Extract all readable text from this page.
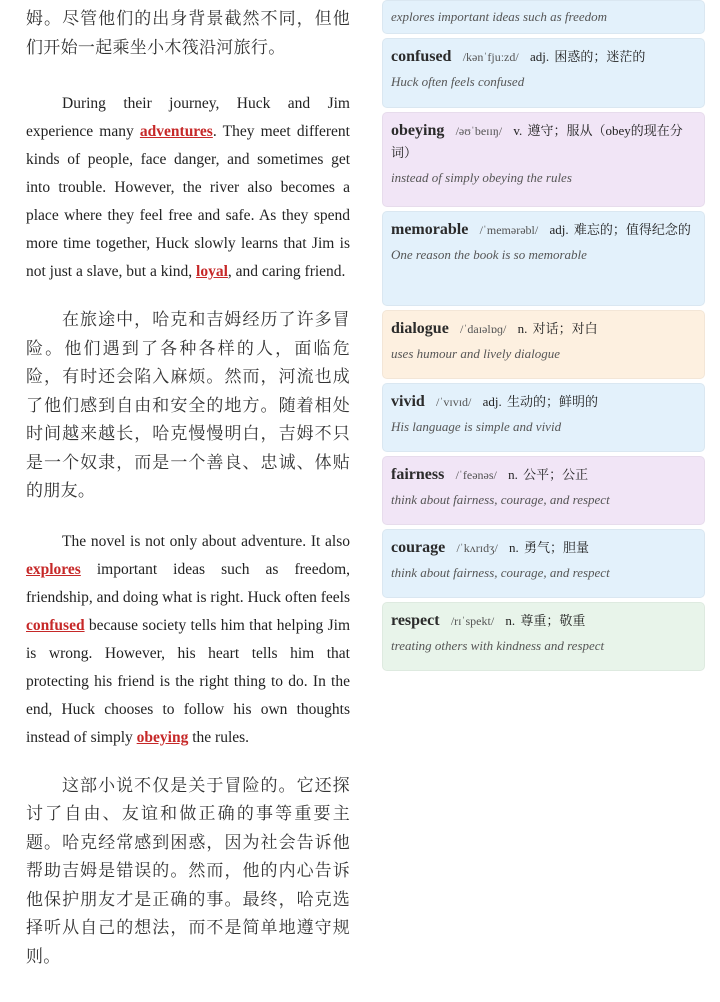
姆。尽管他们的出身背景截然不同，但他们开始一起乘坐小木筏沿河旅行。

During their journey, Huck and Jim experience many adventures. They meet different kinds of people, face danger, and sometimes get into trouble. However, the river also becomes a place where they feel free and safe. As they spend more time together, Huck slowly learns that Jim is not just a slave, but a kind, loyal, and caring friend.

在旅途中，哈克和吉姆经历了许多冒险。他们遇到了各种各样的人，面临危险，有时还会陷入麻烦。然而，河流也成了他们感到自由和安全的地方。随着相处时间越来越长，哈克慢慢明白，吉姆不只是一个奴隶，而是一个善良、忠诚、体贴的朋友。

The novel is not only about adventure. It also explores important ideas such as freedom, friendship, and doing what is right. Huck often feels confused because society tells him that helping Jim is wrong. However, his heart tells him that protecting his friend is the right thing to do. In the end, Huck chooses to follow his own thoughts instead of simply obeying the rules.

这部小说不仅是关于冒险的。它还探讨了自由、友谊和做正确的事等重要主题。哈克经常感到困惑，因为社会告诉他帮助吉姆是错误的。然而，他的内心告诉他保护朋友才是正确的事。最终，哈克选择听从自己的想法，而不是简单地遵守规则。

explores important ideas such as freedom
confused /kənˈfjuːzd/ adj. 困惑的；迷茫的
Huck often feels confused
obeying /əʊˈbeɪɪŋ/ v. 遵守；服从（obey的现在分词）
instead of simply obeying the rules
memorable /ˈmemərəbl/ adj. 难忘的；值得纪念的
One reason the book is so memorable
dialogue /ˈdaɪəlɒɡ/ n. 对话；对白
uses humour and lively dialogue
vivid /ˈvɪvɪd/ adj. 生动的；鲜明的
His language is simple and vivid
fairness /ˈfeənəs/ n. 公平；公正
think about fairness, courage, and respect
courage /ˈkʌrɪdʒ/ n. 勇气；胆量
think about fairness, courage, and respect
respect /rɪˈspekt/ n. 尊重；敬重
treating others with kindness and respect
